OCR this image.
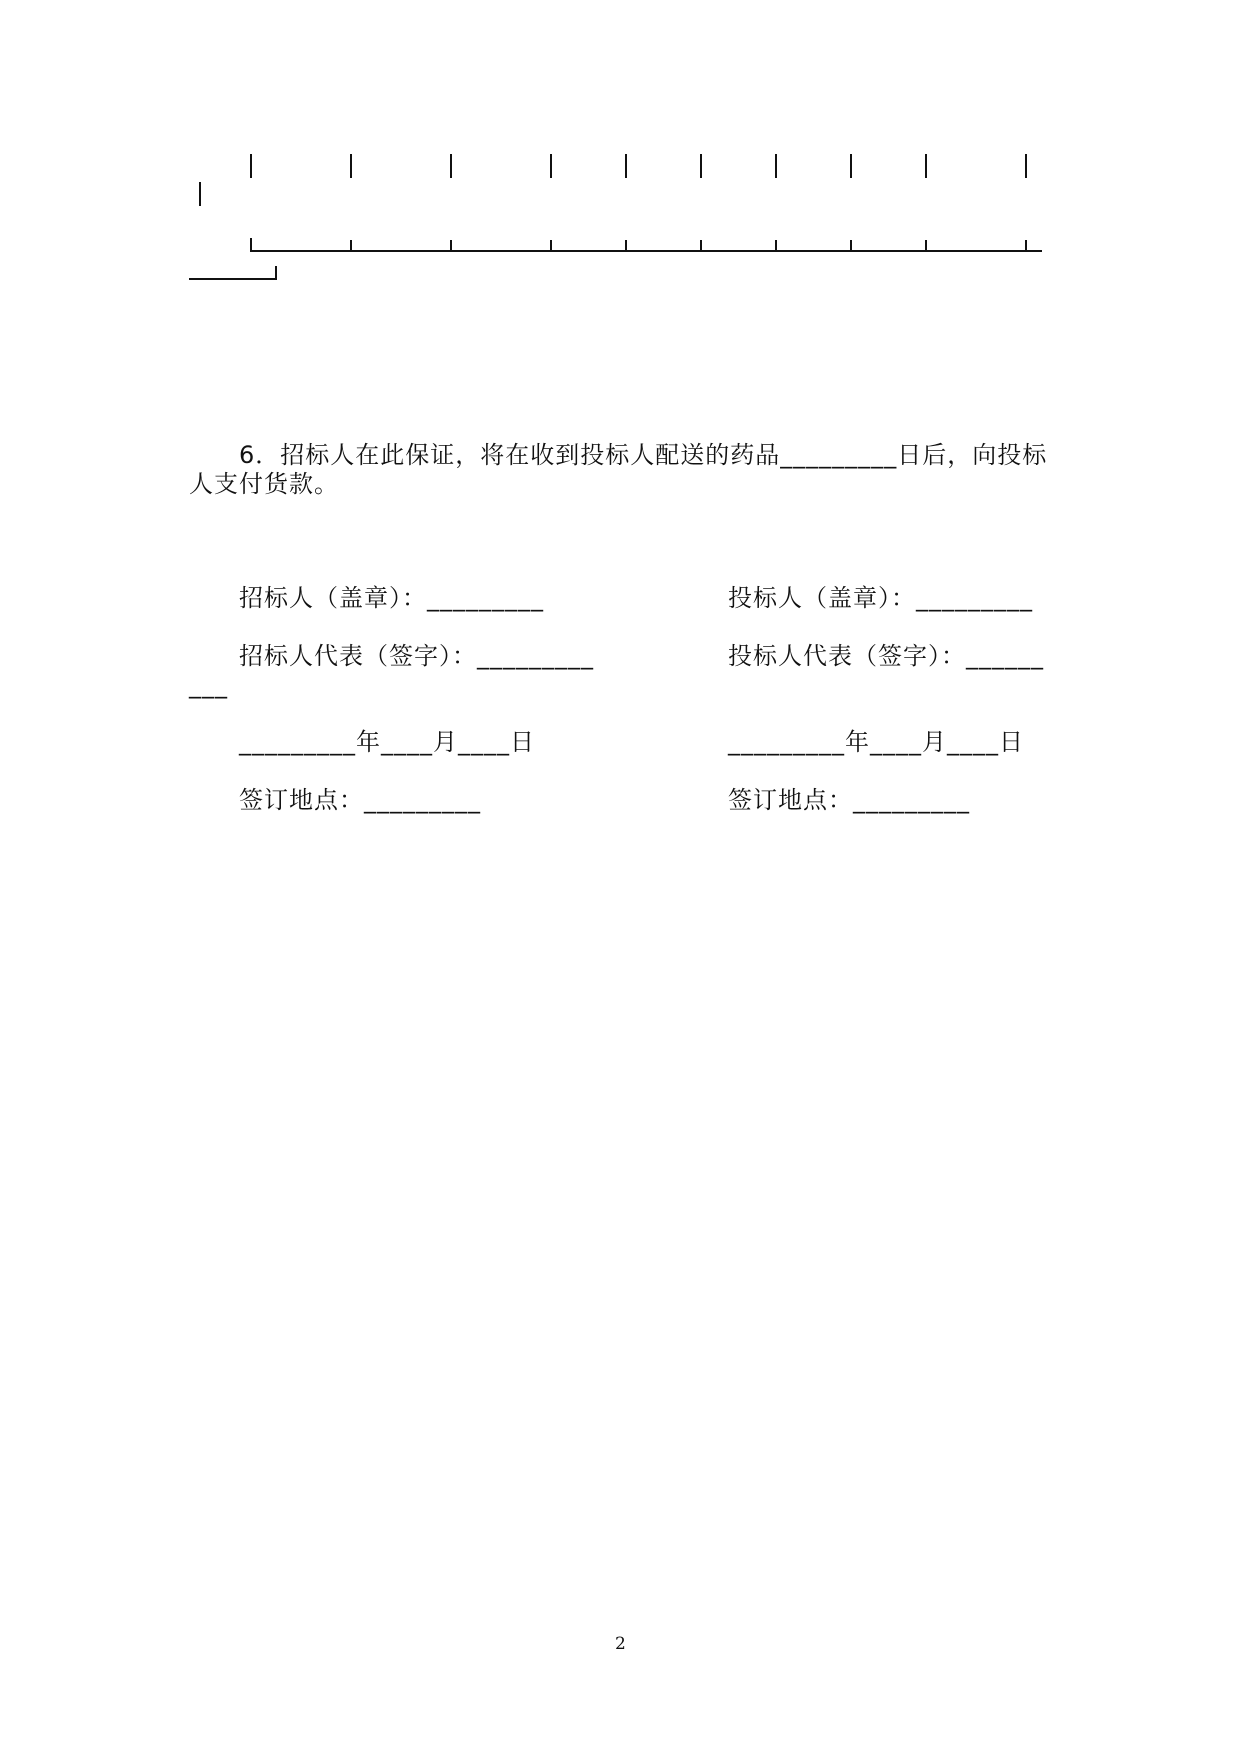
6．招标人在此保证，将在收到投标人配送的药品_________日后，向投标
人支付货款。
招标人（盖章）：_________
招标人代表（签字）：_________
_________年____月____日
签订地点：_________
投标人（盖章）：_________
投标人代表（签字）：______
___
_________年____月____日
签订地点：_________
2
